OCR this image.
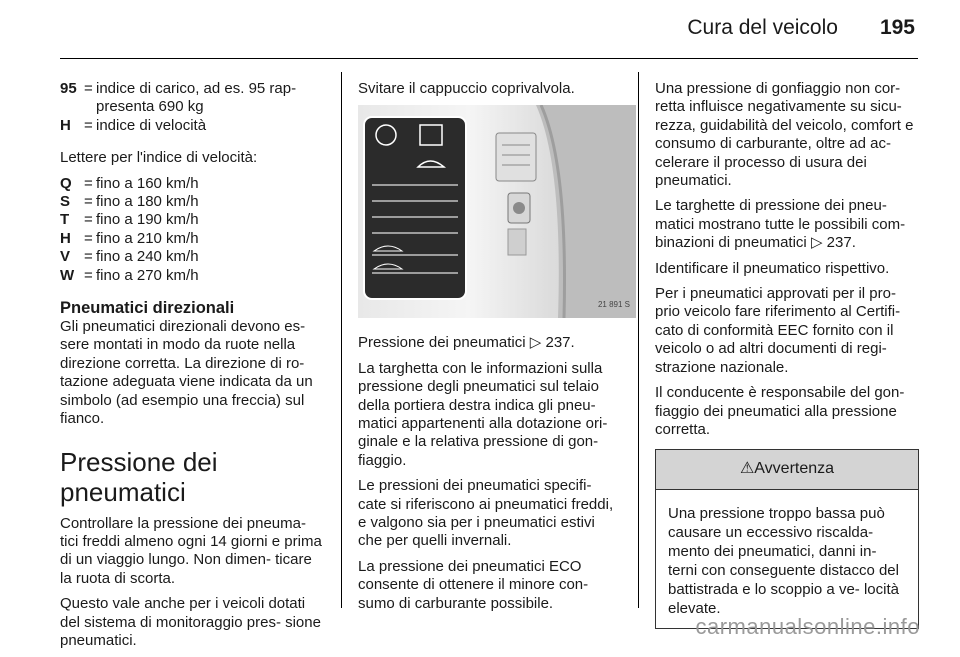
Cura del veicolo 195
95 = indice di carico, ad es. 95 rap- presenta 690 kg
H = indice di velocità

Lettere per l'indice di velocità:

Q = fino a 160 km/h
S = fino a 180 km/h
T = fino a 190 km/h
H = fino a 210 km/h
V = fino a 240 km/h
W = fino a 270 km/h
Pneumatici direzionali

Gli pneumatici direzionali devono es- sere montati in modo da ruote nella direzione corretta. La direzione di ro- tazione adeguata viene indicata da un simbolo (ad esempio una freccia) sul fianco.

Pressione dei pneumatici

Controllare la pressione dei pneuma- tici freddi almeno ogni 14 giorni e prima di un viaggio lungo. Non dimen- ticare la ruota di scorta.

Questo vale anche per i veicoli dotati del sistema di monitoraggio pres- sione pneumatici.

Svitare il cappuccio coprivalvola.

21 891 S

Pressione dei pneumatici ▷ 237.

La targhetta con le informazioni sulla pressione degli pneumatici sul telaio della portiera destra indica gli pneu- matici appartenenti alla dotazione ori- ginale e la relativa pressione di gon- fiaggio.

Le pressioni dei pneumatici specifi- cate si riferiscono ai pneumatici freddi, e valgono sia per i pneumatici estivi che per quelli invernali.

La pressione dei pneumatici ECO consente di ottenere il minore con- sumo di carburante possibile.

Una pressione di gonfiaggio non cor- retta influisce negativamente su sicu- rezza, guidabilità del veicolo, comfort e consumo di carburante, oltre ad ac- celerare il processo di usura dei pneumatici.

Le targhette di pressione dei pneu- matici mostrano tutte le possibili com- binazioni di pneumatici ▷ 237.

Identificare il pneumatico rispettivo.

Per i pneumatici approvati per il pro- prio veicolo fare riferimento al Certifi- cato di conformità EEC fornito con il veicolo o ad altri documenti di regi- strazione nazionale.

Il conducente è responsabile del gon- fiaggio dei pneumatici alla pressione corretta.

⚠Avvertenza
Una pressione troppo bassa può causare un eccessivo riscalda- mento dei pneumatici, danni in- terni con conseguente distacco del battistrada e lo scoppio a ve- locità elevate.
carmanualsonline.info
